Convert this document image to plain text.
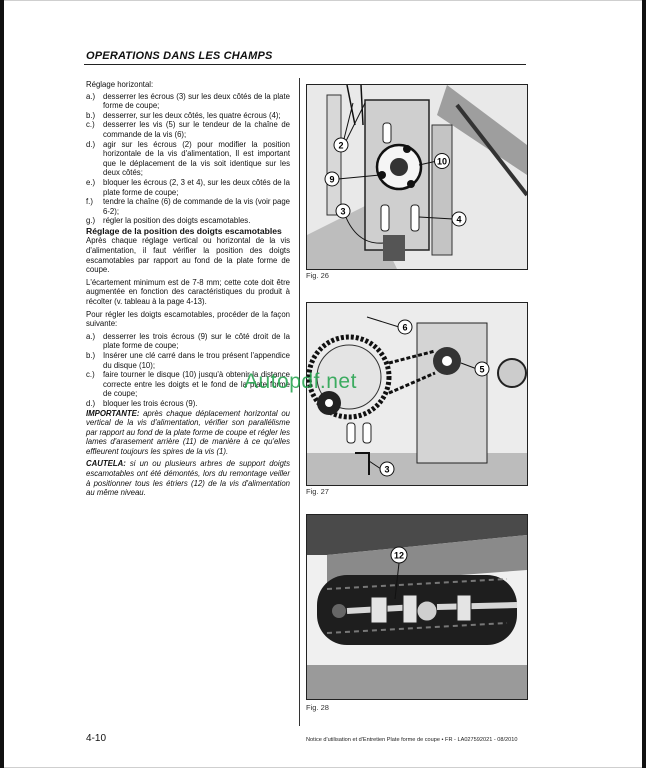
OPERATIONS DANS LES CHAMPS

Réglage horizontal:

a.) desserrer les écrous (3) sur les deux côtés de la plate forme de coupe;

b.) desserrer, sur les deux côtés, les quatre écrous (4);

c.) desserrer les vis (5) sur le tendeur de la chaîne de commande de la vis (6);

d.) agir sur les écrous (2) pour modifier la position horizontale de la vis d'alimentation, Il est important que le déplacement de la vis soit identique sur les deux côtés;

e.) bloquer les écrous (2, 3 et 4), sur les deux côtés de la plate forme de coupe;

f.) tendre la chaîne (6) de commande de la vis (voir page 6-2);

g.) régler la position des doigts escamotables.

Réglage de la position des doigts escamotables

Après chaque réglage vertical ou horizontal de la vis d'alimentation, il faut vérifier la position des doigts escamotables par rapport au fond de la plate forme de coupe.

L'écartement minimum est de 7-8 mm; cette cote doit être augmentée en fonction des caractéristiques du produit à récolter (v. tableau à la page 4-13).

Pour régler les doigts escamotables, procéder de la façon suivante:

a.) desserrer les trois écrous (9) sur le côté droit de la plate forme de coupe;

b.) Insérer une clé carré dans le trou présent l'appendice du disque (10);

c.) faire tourner le disque (10) jusqu'à obtenir la distance correcte entre les doigts et le fond de la plate forme de coupe;

d.) bloquer les trois écrous (9).

IMPORTANTE: après chaque déplacement horizontal ou vertical de la vis d'alimentation, vérifier son parallélisme par rapport au fond de la plate forme de coupe et régler les lames d'arasement arrière (11) de manière à ce qu'elles effleurent toujours les spires de la vis (1).

CAUTELA: si un ou plusieurs arbres de support doigts escamotables ont été démontés, lors du remontage veiller à positionner tous les étriers (12) de la vis d'alimentation au même niveau.

2
10
9
3
4
Fig. 26
6
5
3
Fig. 27
12
Fig. 28
Autopdf.net
4-10	Notice d'utilisation et d'Entretien Plate forme de coupe • FR - LA027592021 - 08/2010
